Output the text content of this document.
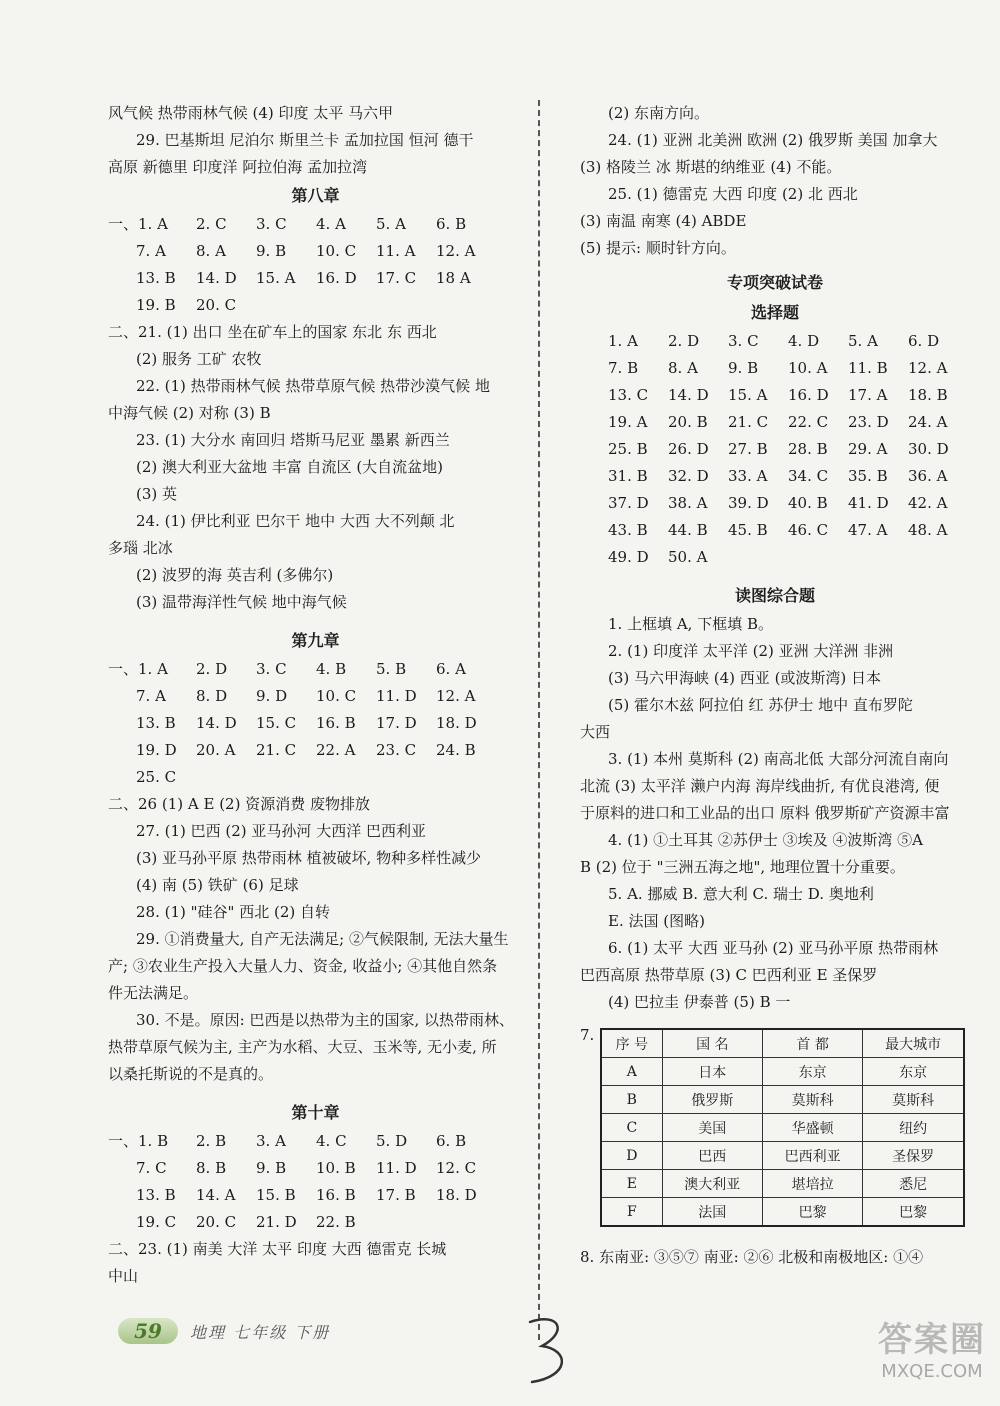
风气候 热带雨林气候 (4) 印度 太平 马六甲
29. 巴基斯坦 尼泊尔 斯里兰卡 孟加拉国 恒河 德干
高原 新德里 印度洋 阿拉伯海 孟加拉湾
第八章
一、1. A	2. C	3. C	4. A	5. A	6. B
7. A	8. A	9. B	10. C	11. A	12. A
13. B	14. D	15. A	16. D	17. C	18 A
19. B	20. C
二、21. (1) 出口 坐在矿车上的国家 东北 东 西北
(2) 服务 工矿 农牧
22. (1) 热带雨林气候 热带草原气候 热带沙漠气候 地
中海气候 (2) 对称 (3) B
23. (1) 大分水 南回归 塔斯马尼亚 墨累 新西兰
(2) 澳大利亚大盆地 丰富 自流区 (大自流盆地)
(3) 英
24. (1) 伊比利亚 巴尔干 地中 大西 大不列颠 北
多瑙 北冰
(2) 波罗的海 英吉利 (多佛尔)
(3) 温带海洋性气候 地中海气候
第九章
一、1. A	2. D	3. C	4. B	5. B	6. A
7. A	8. D	9. D	10. C	11. D	12. A
13. B	14. D	15. C	16. B	17. D	18. D
19. D	20. A	21. C	22. A	23. C	24. B
25. C
二、26 (1) A E (2) 资源消费 废物排放
27. (1) 巴西 (2) 亚马孙河 大西洋 巴西利亚
(3) 亚马孙平原 热带雨林 植被破坏, 物种多样性减少
(4) 南 (5) 铁矿 (6) 足球
28. (1) "硅谷" 西北 (2) 自转
29. ①消费量大, 自产无法满足; ②气候限制, 无法大量生
产; ③农业生产投入大量人力、资金, 收益小; ④其他自然条
件无法满足。
30. 不是。原因: 巴西是以热带为主的国家, 以热带雨林、
热带草原气候为主, 主产为水稻、大豆、玉米等, 无小麦, 所
以桑托斯说的不是真的。
第十章
一、1. B	2. B	3. A	4. C	5. D	6. B
7. C	8. B	9. B	10. B	11. D	12. C
13. B	14. A	15. B	16. B	17. B	18. D
19. C	20. C	21. D	22. B
二、23. (1) 南美 大洋 太平 印度 大西 德雷克 长城
中山
(2) 东南方向。
24. (1) 亚洲 北美洲 欧洲 (2) 俄罗斯 美国 加拿大
(3) 格陵兰 冰 斯堪的纳维亚 (4) 不能。
25. (1) 德雷克 大西 印度 (2) 北 西北
(3) 南温 南寒 (4) ABDE
(5) 提示: 顺时针方向。
专项突破试卷
选择题
1. A	2. D	3. C	4. D	5. A	6. D
7. B	8. A	9. B	10. A	11. B	12. A
13. C	14. D	15. A	16. D	17. A	18. B
19. A	20. B	21. C	22. C	23. D	24. A
25. B	26. D	27. B	28. B	29. A	30. D
31. B	32. D	33. A	34. C	35. B	36. A
37. D	38. A	39. D	40. B	41. D	42. A
43. B	44. B	45. B	46. C	47. A	48. A
49. D	50. A
读图综合题
1. 上框填 A, 下框填 B。
2. (1) 印度洋 太平洋 (2) 亚洲 大洋洲 非洲
(3) 马六甲海峡 (4) 西亚 (或波斯湾) 日本
(5) 霍尔木兹 阿拉伯 红 苏伊士 地中 直布罗陀
大西
3. (1) 本州 莫斯科 (2) 南高北低 大部分河流自南向
北流 (3) 太平洋 濑户内海 海岸线曲折, 有优良港湾, 便
于原料的进口和工业品的出口 原料 俄罗斯矿产资源丰富
4. (1) ①土耳其 ②苏伊士 ③埃及 ④波斯湾 ⑤A
B (2) 位于 "三洲五海之地", 地理位置十分重要。
5. A. 挪威 B. 意大利 C. 瑞士 D. 奥地利
E. 法国 (图略)
6. (1) 太平 大西 亚马孙 (2) 亚马孙平原 热带雨林
巴西高原 热带草原 (3) C 巴西利亚 E 圣保罗
(4) 巴拉圭 伊泰普 (5) B 一
7.
序 号	国 名	首 都	最大城市
A	日本	东京	东京
B	俄罗斯	莫斯科	莫斯科
C	美国	华盛顿	纽约
D	巴西	巴西利亚	圣保罗
E	澳大利亚	堪培拉	悉尼
F	法国	巴黎	巴黎
8. 东南亚: ③⑤⑦ 南亚: ②⑥ 北极和南极地区: ①④
59	地理 七年级 下册	答案圈
MXQE.COM
